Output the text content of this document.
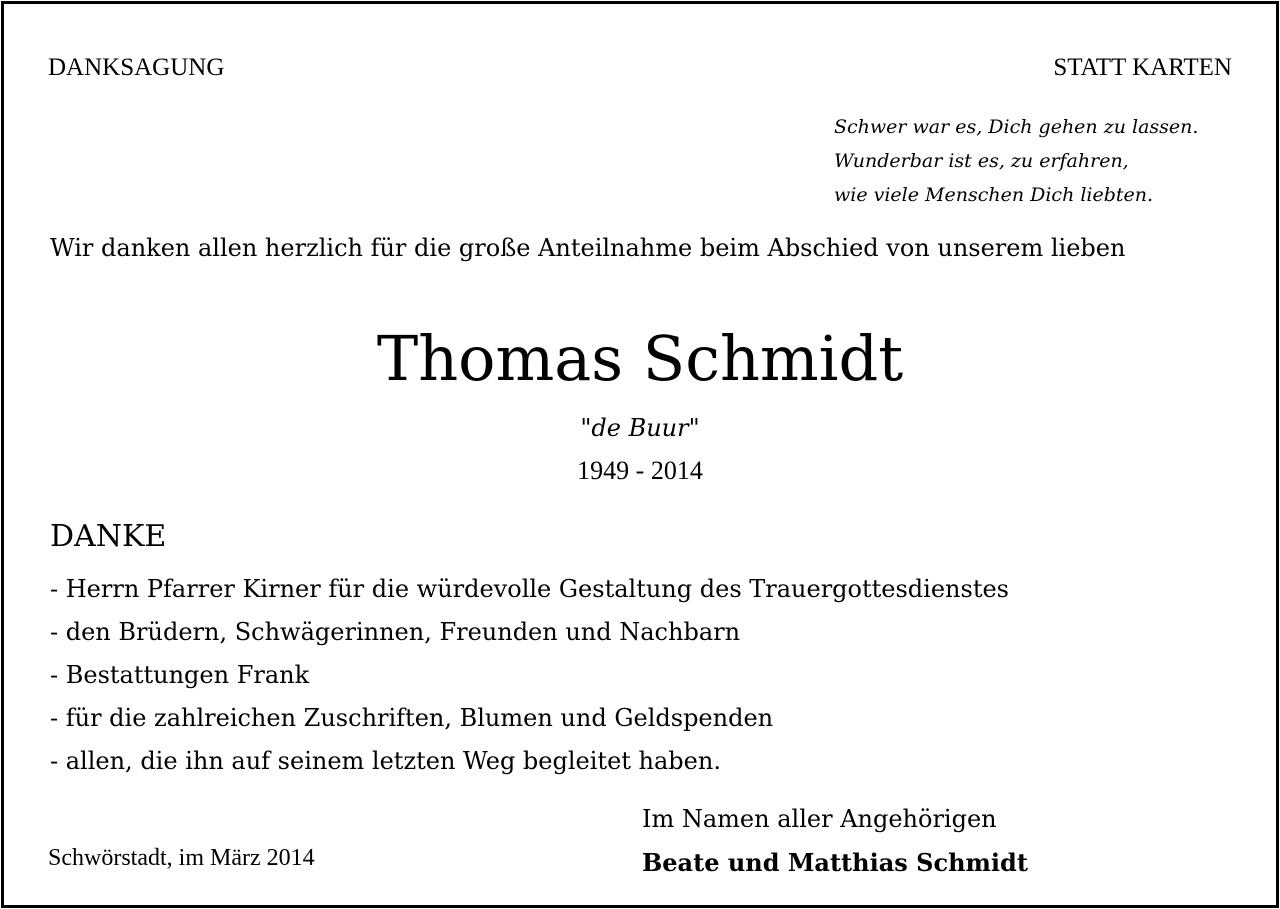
DANKSAGUNG	STATT KARTEN
Schwer war es, Dich gehen zu lassen.
Wunderbar ist es, zu erfahren,
wie viele Menschen Dich liebten.
Wir danken allen herzlich für die große Anteilnahme beim Abschied von unserem lieben
Thomas Schmidt
"de Buur"
1949 - 2014
DANKE
- Herrn Pfarrer Kirner für die würdevolle Gestaltung des Trauergottesdienstes
- den Brüdern, Schwägerinnen, Freunden und Nachbarn
- Bestattungen Frank
- für die zahlreichen Zuschriften, Blumen und Geldspenden
- allen, die ihn auf seinem letzten Weg begleitet haben.
Im Namen aller Angehörigen
Beate und Matthias Schmidt
Schwörstadt, im März 2014
